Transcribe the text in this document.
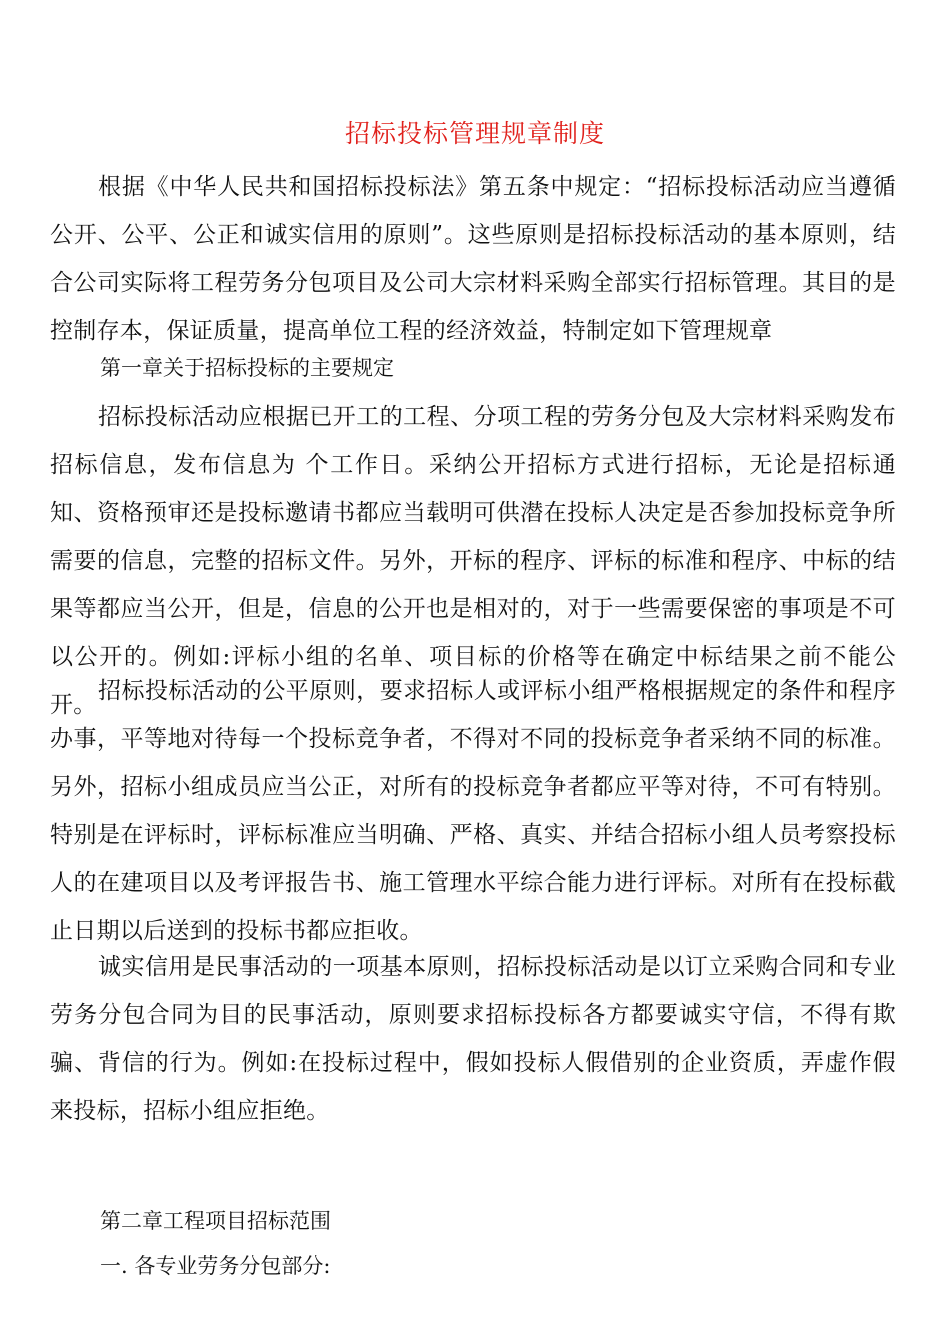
招标投标管理规章制度

根据《中华人民共和国招标投标法》第五条中规定：“招标投标活动应当遵循公开、公平、公正和诚实信用的原则”。这些原则是招标投标活动的基本原则，结合公司实际将工程劳务分包项目及公司大宗材料采购全部实行招标管理。其目的是控制存本，保证质量，提高单位工程的经济效益，特制定如下管理规章

第一章关于招标投标的主要规定

招标投标活动应根据已开工的工程、分项工程的劳务分包及大宗材料采购发布招标信息，发布信息为 个工作日。采纳公开招标方式进行招标，无论是招标通知、资格预审还是投标邀请书都应当载明可供潜在投标人决定是否参加投标竞争所需要的信息，完整的招标文件。另外，开标的程序、评标的标准和程序、中标的结果等都应当公开，但是，信息的公开也是相对的，对于一些需要保密的事项是不可以公开的。例如:评标小组的名单、项目标的价格等在确定中标结果之前不能公开。

招标投标活动的公平原则，要求招标人或评标小组严格根据规定的条件和程序办事，平等地对待每一个投标竞争者，不得对不同的投标竞争者采纳不同的标准。另外，招标小组成员应当公正，对所有的投标竞争者都应平等对待，不可有特别。特别是在评标时，评标标准应当明确、严格、真实、并结合招标小组人员考察投标人的在建项目以及考评报告书、施工管理水平综合能力进行评标。对所有在投标截止日期以后送到的投标书都应拒收。

诚实信用是民事活动的一项基本原则，招标投标活动是以订立采购合同和专业劳务分包合同为目的民事活动，原则要求招标投标各方都要诚实守信，不得有欺骗、背信的行为。例如:在投标过程中，假如投标人假借别的企业资质，弄虚作假来投标，招标小组应拒绝。

第二章工程项目招标范围
一. 各专业劳务分包部分:
